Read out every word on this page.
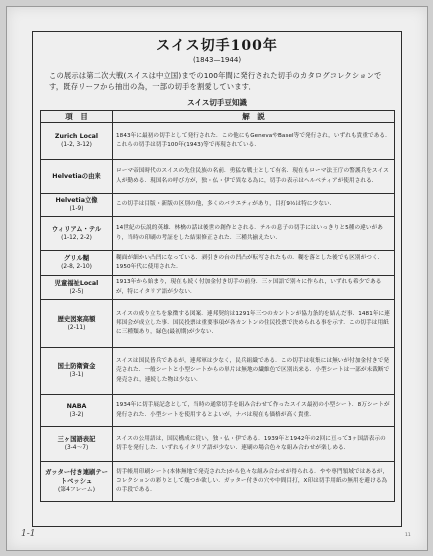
スイス切手100年
(1843—1944)
この展示は第二次大戦(スイスは中立国)までの100年間に発行された切手のカタログコレクションです，既存リーフから抽出の為，一部の切手を割愛しています．
スイス切手豆知識
項　目	解　説

Zurich Local
(1-2, 3-12)	1843年に最初の切手として発行された．この他にもGenevaやBasel等で発行され，いずれも貴重である．これらの切手は切手100年(1943)等で再現されている．

Helvetiaの由来	ローマ帝国時代のスイスの先住民族の名前．勇猛な戦士として有名．現在もローマ法王庁の警護兵をスイス人が勤める．現国名の呼び方が，独・仏・伊で異なる為に，切手の表示はヘルベティアが使用される．

Helvetia立像
(1-9)	この切手は目版・新版の区別の他，多くのバラエティがあり，目打9½は特に少ない．

ウィリアム・テル
(1-12, 2-2)	14世紀の伝説的英雄．林檎の話は後世の創作とされる．テルの息子の切手にはいっきりと5種の違いがあり，当時の印刷の考証をした結果修正された．三種共揃えたい．

グリル糊
(2-8, 2-10)	糊面が細かい凸凹になっている．剥引きの台の凹凸が転写されたもの．糊を落とした後でも区別がつく．1950年代に使用された．

児童福祉Local
(2-5)	1913年から始まり，現在も続く付加金付き切手の前身．三ヶ国語で別々に作られ，いずれも希少であるが，特にイタリア語が少ない．

歴史図案高額
(2-11)	スイスの成り立ちを象徴する図案．連邦契約は1291年三つのカントンが協力条約を結んだ事．1481年に連邦国会が成立した事．国民投票は重要事項が各カントンの住民投票で決められる事を示す．この切手は用紙に三種類あり，緑色(最初期)が少ない．

国土防衛資金
(3-1)	スイスは国民皆兵であるが，連邦軍は少なく，民兵組織である．この切手は収集には無いが付加金付きで発売された．一般シートと小型シートからの単片は無地の繊維色で区別出来る．小型シートは一部が未裁断で発売され，連続した物は少ない．

NABA
(3-2)	1934年に切手展記念として，当時の通常切手を組み合わせて作ったスイス最初の小型シート．8万シートが発行された．小型シートを使用するとよいが，ナバは現在も価格が高く貴重．

三ヶ国語表記
(3-4〜7)	スイスの公用語は，国民構成に従い，独・仏・伊である．1939年と1942年の2回に亘って3ヶ国語表示の切手を発行した．いずれもイタリア語が少ない．連刷の場合色々な組み合わせが楽しめる．

ガッター付き連刷テートベッシュ
(第4フレーム)	切手帳用印刷シート(本体無地で発売された)から色々な組み合わせが得られる．やや専門領域ではあるが，コレクションの彩りとして幾つか欲しい．ガッター付きの穴や中間目打，X印は切手用紙の無用を避ける為の手段である．
1-1	11
